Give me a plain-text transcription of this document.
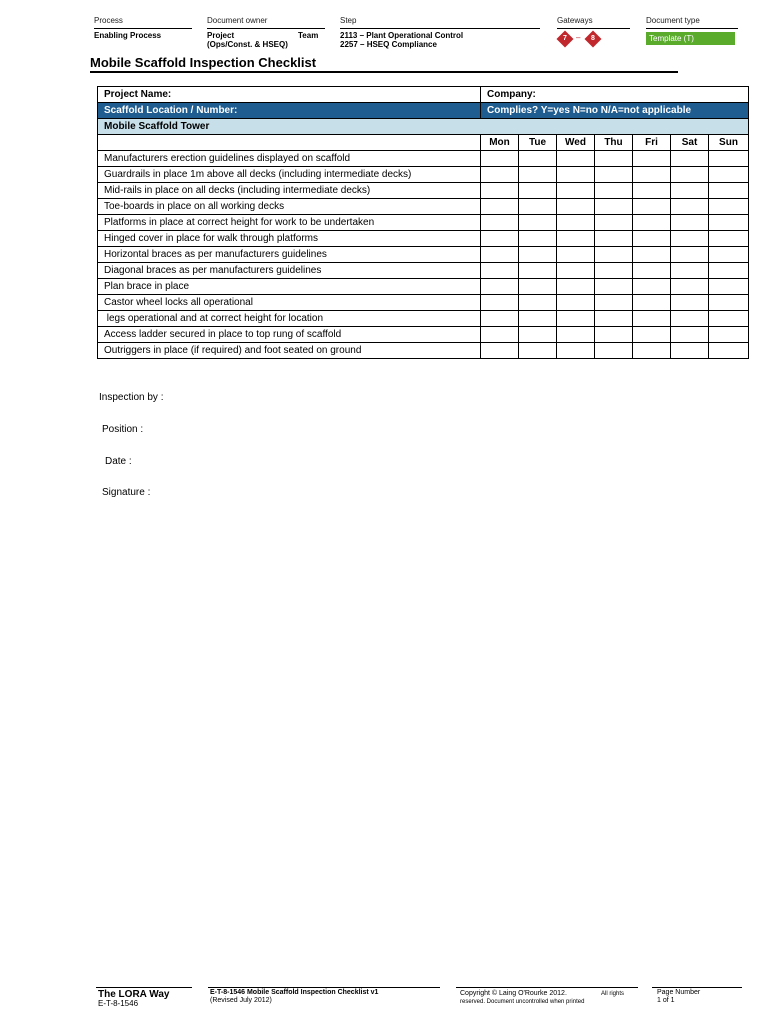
Process
Enabling Process
Document owner
Project	Team
(Ops/Const. & HSEQ)
Step
2113 – Plant Operational Control
2257 – HSEQ Compliance
Gateways
7	–	8
Document type
Template (T)
Mobile Scaffold Inspection Checklist
Project Name:	Company:						
Scaffold Location / Number:	Complies? Y=yes N=no N/A=not applicable						
Mobile Scaffold Tower							
	Mon	Tue	Wed	Thu	Fri	Sat	Sun
Manufacturers erection guidelines displayed on scaffold							
Guardrails in place 1m above all decks (including intermediate decks)							
Mid-rails in place on all decks (including intermediate decks)							
Toe-boards in place on all working decks							
Platforms in place at correct height for work to be undertaken							
Hinged cover in place for walk through platforms							
Horizontal braces as per manufacturers guidelines							
Diagonal braces as per manufacturers guidelines							
Plan brace in place							
Castor wheel locks all operational							
legs operational and at correct height for location							
Access ladder secured in place to top rung of scaffold							
Outriggers in place (if required) and foot seated on ground							
Inspection by :
Position :
Date :
Signature :
The LORA Way
E-T-8-1546
E-T-8-1546 Mobile Scaffold Inspection Checklist v1
(Revised July 2012)
Copyright © Laing O'Rourke 2012.	All rights
reserved. Document uncontrolled when printed
Page Number
1 of 1
